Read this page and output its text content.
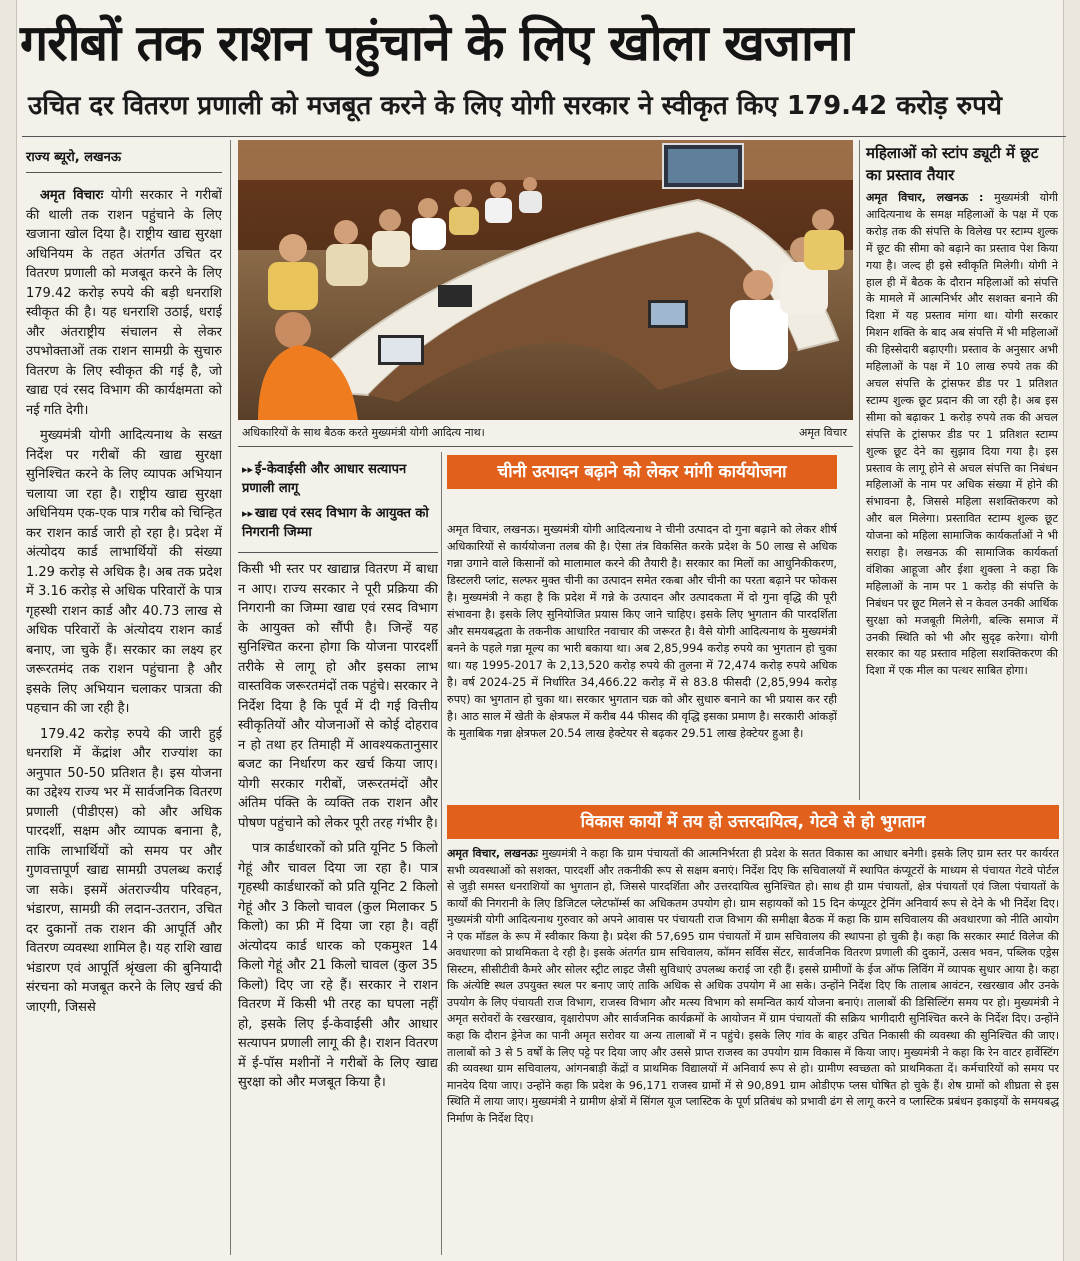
गरीबों तक राशन पहुंचाने के लिए खोला खजाना
उचित दर वितरण प्रणाली को मजबूत करने के लिए योगी सरकार ने स्वीकृत किए 179.42 करोड़ रुपये
राज्य ब्यूरो, लखनऊ

अमृत विचारः योगी सरकार ने गरीबों की थाली तक राशन पहुंचाने के लिए खजाना खोल दिया है। राष्ट्रीय खाद्य सुरक्षा अधिनियम के तहत अंतर्गत उचित दर वितरण प्रणाली को मजबूत करने के लिए 179.42 करोड़ रुपये की बड़ी धनराशि स्वीकृत की है। यह धनराशि उठाई, धराई और अंतराष्ट्रीय संचालन से लेकर उपभोक्ताओं तक राशन सामग्री के सुचारु वितरण के लिए स्वीकृत की गई है, जो खाद्य एवं रसद विभाग की कार्यक्षमता को नई गति देगी।

मुख्यमंत्री योगी आदित्यनाथ के सख्त निर्देश पर गरीबों की खाद्य सुरक्षा सुनिश्चित करने के लिए व्यापक अभियान चलाया जा रहा है। राष्ट्रीय खाद्य सुरक्षा अधिनियम एक-एक पात्र गरीब को चिन्हित कर राशन कार्ड जारी हो रहा है। प्रदेश में अंत्योदय कार्ड लाभार्थियों की संख्या 1.29 करोड़ से अधिक है। अब तक प्रदेश में 3.16 करोड़ से अधिक परिवारों के पात्र गृहस्थी राशन कार्ड और 40.73 लाख से अधिक परिवारों के अंत्योदय राशन कार्ड बनाए, जा चुके हैं। सरकार का लक्ष्य हर जरूरतमंद तक राशन पहुंचाना है और इसके लिए अभियान चलाकर पात्रता की पहचान की जा रही है।

179.42 करोड़ रुपये की जारी हुई धनराशि में केंद्रांश और राज्यांश का अनुपात 50-50 प्रतिशत है। इस योजना का उद्देश्य राज्य भर में सार्वजनिक वितरण प्रणाली (पीडीएस) को और अधिक पारदर्शी, सक्षम और व्यापक बनाना है, ताकि लाभार्थियों को समय पर और गुणवत्तापूर्ण खाद्य सामग्री उपलब्ध कराई जा सके। इसमें अंतराज्यीय परिवहन, भंडारण, सामग्री की लदान-उतरान, उचित दर दुकानों तक राशन की आपूर्ति और वितरण व्यवस्था शामिल है। यह राशि खाद्य भंडारण एवं आपूर्ति श्रृंखला की बुनियादी संरचना को मजबूत करने के लिए खर्च की जाएगी, जिससे

अधिकारियों के साथ बैठक करते मुख्यमंत्री योगी आदित्य नाथ।	अमृत विचार
▸▸ ई-केवाईसी और आधार सत्यापन प्रणाली लागू
▸▸ खाद्य एवं रसद विभाग के आयुक्त को निगरानी जिम्मा

किसी भी स्तर पर खाद्यान्न वितरण में बाधा न आए। राज्य सरकार ने पूरी प्रक्रिया की निगरानी का जिम्मा खाद्य एवं रसद विभाग के आयुक्त को सौंपी है। जिन्हें यह सुनिश्चित करना होगा कि योजना पारदर्शी तरीके से लागू हो और इसका लाभ वास्तविक जरूरतमंदों तक पहुंचे। सरकार ने निर्देश दिया है कि पूर्व में दी गई वित्तीय स्वीकृतियों और योजनाओं से कोई दोहराव न हो तथा हर तिमाही में आवश्यकतानुसार बजट का निर्धारण कर खर्च किया जाए। योगी सरकार गरीबों, जरूरतमंदों और अंतिम पंक्ति के व्यक्ति तक राशन और पोषण पहुंचाने को लेकर पूरी तरह गंभीर है।

पात्र कार्डधारकों को प्रति यूनिट 5 किलो गेहूं और चावल दिया जा रहा है। पात्र गृहस्थी कार्डधारकों को प्रति यूनिट 2 किलो गेहूं और 3 किलो चावल (कुल मिलाकर 5 किलो) का फ्री में दिया जा रहा है। वहीं अंत्योदय कार्ड धारक को एकमुश्त 14 किलो गेहूं और 21 किलो चावल (कुल 35 किलो) दिए जा रहे हैं। सरकार ने राशन वितरण में किसी भी तरह का घपला नहीं हो, इसके लिए ई-केवाईसी और आधार सत्यापन प्रणाली लागू की है। राशन वितरण में ई-पॉस मशीनों ने गरीबों के लिए खाद्य सुरक्षा को और मजबूत किया है।

चीनी उत्पादन बढ़ाने को लेकर मांगी कार्ययोजना
अमृत विचार, लखनऊ। मुख्यमंत्री योगी आदित्यनाथ ने चीनी उत्पादन दो गुना बढ़ाने को लेकर शीर्ष अधिकारियों से कार्ययोजना तलब की है। ऐसा तंत्र विकसित करके प्रदेश के 50 लाख से अधिक गन्ना उगाने वाले किसानों को मालामाल करने की तैयारी है। सरकार का मिलों का आधुनिकीकरण, डिस्टलरी प्लांट, सल्फर मुक्त चीनी का उत्पादन समेत रकबा और चीनी का परता बढ़ाने पर फोकस है। मुख्यमंत्री ने कहा है कि प्रदेश में गन्ने के उत्पादन और उत्पादकता में दो गुना वृद्धि की पूरी संभावना है। इसके लिए सुनियोजित प्रयास किए जाने चाहिए। इसके लिए भुगतान की पारदर्शिता और समयबद्धता के तकनीक आधारित नवाचार की जरूरत है। वैसे योगी आदित्यनाथ के मुख्यमंत्री बनने के पहले गन्ना मूल्य का भारी बकाया था। अब 2,85,994 करोड़ रुपये का भुगतान हो चुका था। यह 1995-2017 के 2,13,520 करोड़ रुपये की तुलना में 72,474 करोड़ रुपये अधिक है। वर्ष 2024-25 में निर्धारित 34,466.22 करोड़ में से 83.8 फीसदी (2,85,994 करोड़ रुपए) का भुगतान हो चुका था। सरकार भुगतान चक्र को और सुधारु बनाने का भी प्रयास कर रही है। आठ साल में खेती के क्षेत्रफल में करीब 44 फीसद की वृद्धि इसका प्रमाण है। सरकारी आंकड़ों के मुताबिक गन्ना क्षेत्रफल 20.54 लाख हेक्टेयर से बढ़कर 29.51 लाख हेक्टेयर हुआ है।
महिलाओं को स्टांप ड्यूटी में छूट का प्रस्ताव तैयार
अमृत विचार, लखनऊ : मुख्यमंत्री योगी आदित्यनाथ के समक्ष महिलाओं के पक्ष में एक करोड़ तक की संपत्ति के विलेख पर स्टाम्प शुल्क में छूट की सीमा को बढ़ाने का प्रस्ताव पेश किया गया है। जल्द ही इसे स्वीकृति मिलेगी। योगी ने हाल ही में बैठक के दौरान महिलाओं को संपत्ति के मामले में आत्मनिर्भर और सशक्त बनाने की दिशा में यह प्रस्ताव मांगा था। योगी सरकार मिशन शक्ति के बाद अब संपत्ति में भी महिलाओं की हिस्सेदारी बढ़ाएगी। प्रस्ताव के अनुसार अभी महिलाओं के पक्ष में 10 लाख रुपये तक की अचल संपत्ति के ट्रांसफर डीड पर 1 प्रतिशत स्टाम्प शुल्क छूट प्रदान की जा रही है। अब इस सीमा को बढ़ाकर 1 करोड़ रुपये तक की अचल संपत्ति के ट्रांसफर डीड पर 1 प्रतिशत स्टाम्प शुल्क छूट देने का सुझाव दिया गया है। इस प्रस्ताव के लागू होने से अचल संपत्ति का निबंधन महिलाओं के नाम पर अधिक संख्या में होने की संभावना है, जिससे महिला सशक्तिकरण को और बल मिलेगा। प्रस्तावित स्टाम्प शुल्क छूट योजना को महिला सामाजिक कार्यकर्ताओं ने भी सराहा है। लखनऊ की सामाजिक कार्यकर्ता वंशिका आहूजा और ईशा शुक्ला ने कहा कि महिलाओं के नाम पर 1 करोड़ की संपत्ति के निबंधन पर छूट मिलने से न केवल उनकी आर्थिक सुरक्षा को मजबूती मिलेगी, बल्कि समाज में उनकी स्थिति को भी और सुदृढ़ करेगा। योगी सरकार का यह प्रस्ताव महिला सशक्तिकरण की दिशा में एक मील का पत्थर साबित होगा।
विकास कार्यों में तय हो उत्तरदायित्व, गेटवे से हो भुगतान
अमृत विचार, लखनऊः मुख्यमंत्री ने कहा कि ग्राम पंचायतों की आत्मनिर्भरता ही प्रदेश के सतत विकास का आधार बनेगी। इसके लिए ग्राम स्तर पर कार्यरत सभी व्यवस्थाओं को सशक्त, पारदर्शी और तकनीकी रूप से सक्षम बनाएं। निर्देश दिए कि सचिवालयों में स्थापित कंप्यूटरों के माध्यम से पंचायत गेटवे पोर्टल से जुड़ी समस्त धनराशियों का भुगतान हो, जिससे पारदर्शिता और उत्तरदायित्व सुनिश्चित हो। साथ ही ग्राम पंचायतों, क्षेत्र पंचायतों एवं जिला पंचायतों के कार्यों की निगरानी के लिए डिजिटल प्लेटफॉर्म्स का अधिकतम उपयोग हो। ग्राम सहायकों को 15 दिन कंप्यूटर ट्रेनिंग अनिवार्य रूप से देने के भी निर्देश दिए। मुख्यमंत्री योगी आदित्यनाथ गुरुवार को अपने आवास पर पंचायती राज विभाग की समीक्षा बैठक में कहा कि ग्राम सचिवालय की अवधारणा को नीति आयोग ने एक मॉडल के रूप में स्वीकार किया है। प्रदेश की 57,695 ग्राम पंचायतों में ग्राम सचिवालय की स्थापना हो चुकी है। कहा कि सरकार स्मार्ट विलेज की अवधारणा को प्राथमिकता दे रही है। इसके अंतर्गत ग्राम सचिवालय, कॉमन सर्विस सेंटर, सार्वजनिक वितरण प्रणाली की दुकानें, उत्सव भवन, पब्लिक एड्रेस सिस्टम, सीसीटीवी कैमरे और सोलर स्ट्रीट लाइट जैसी सुविधाएं उपलब्ध कराई जा रही हैं। इससे ग्रामीणों के ईज ऑफ लिविंग में व्यापक सुधार आया है। कहा कि अंत्येष्टि स्थल उपयुक्त स्थल पर बनाए जाएं ताकि अधिक से अधिक उपयोग में आ सके। उन्होंने निर्देश दिए कि तालाब आवंटन, रखरखाव और उनके उपयोग के लिए पंचायती राज विभाग, राजस्व विभाग और मत्स्य विभाग को समन्वित कार्य योजना बनाएं। तालाबों की डिसिल्टिंग समय पर हो। मुख्यमंत्री ने अमृत सरोवरों के रखरखाव, वृक्षारोपण और सार्वजनिक कार्यक्रमों के आयोजन में ग्राम पंचायतों की सक्रिय भागीदारी सुनिश्चित करने के निर्देश दिए। उन्होंने कहा कि दौरान ड्रेनेज का पानी अमृत सरोवर या अन्य तालाबों में न पहुंचे। इसके लिए गांव के बाहर उचित निकासी की व्यवस्था की सुनिश्चित की जाए। तालाबों को 3 से 5 वर्षों के लिए पट्टे पर दिया जाए और उससे प्राप्त राजस्व का उपयोग ग्राम विकास में किया जाए। मुख्यमंत्री ने कहा कि रेन वाटर हार्वेस्टिंग की व्यवस्था ग्राम सचिवालय, आंगनबाड़ी केंद्रों व प्राथमिक विद्यालयों में अनिवार्य रूप से हो। ग्रामीण स्वच्छता को प्राथमिकता दें। कर्मचारियों को समय पर मानदेय दिया जाए। उन्होंने कहा कि प्रदेश के 96,171 राजस्व ग्रामों में से 90,891 ग्राम ओडीएफ प्लस घोषित हो चुके हैं। शेष ग्रामों को शीघ्रता से इस स्थिति में लाया जाए। मुख्यमंत्री ने ग्रामीण क्षेत्रों में सिंगल यूज प्लास्टिक के पूर्ण प्रतिबंध को प्रभावी ढंग से लागू करने व प्लास्टिक प्रबंधन इकाइयों के समयबद्ध निर्माण के निर्देश दिए।
